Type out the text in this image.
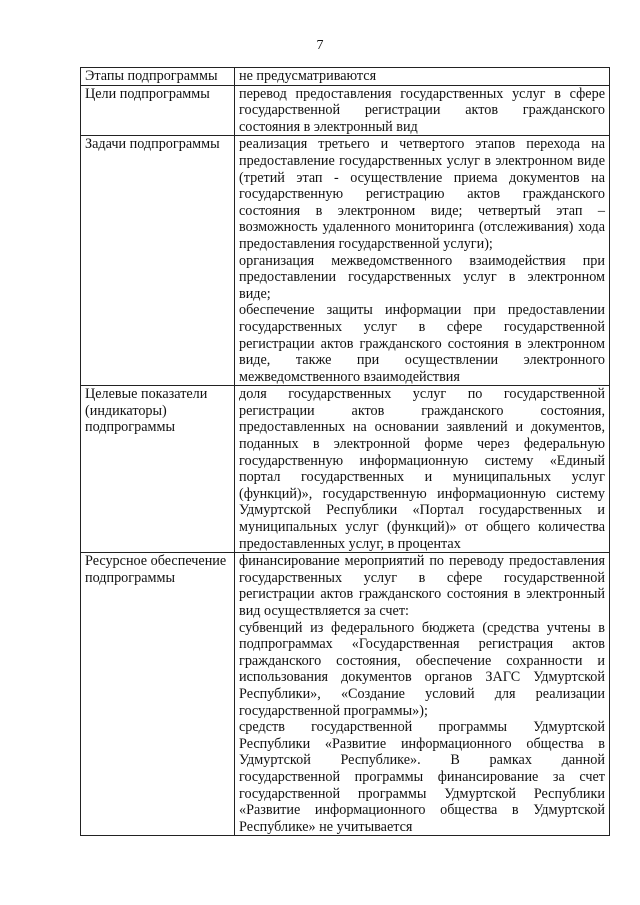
7
Этапы подпрограммы	не предусматриваются

Цели подпрограммы	перевод предоставления государственных услуг в сфере государственной регистрации актов гражданского состояния в электронный вид

Задачи подпрограммы	реализация третьего и четвертого этапов перехода на предоставление государственных услуг в электронном виде (третий этап - осуществление приема документов на государственную регистрацию актов гражданского состояния в электронном виде; четвертый этап – возможность удаленного мониторинга (отслеживания) хода предоставления государственной услуги);
организация межведомственного взаимодействия при предоставлении государственных услуг в электронном виде;
обеспечение защиты информации при предоставлении государственных услуг в сфере государственной регистрации актов гражданского состояния в электронном виде, также при осуществлении электронного межведомственного взаимодействия

Целевые показатели (индикаторы) подпрограммы	доля государственных услуг по государственной регистрации актов гражданского состояния, предоставленных на основании заявлений и документов, поданных в электронной форме через федеральную государственную информационную систему «Единый портал государственных и муниципальных услуг (функций)», государственную информационную систему Удмуртской Республики «Портал государственных и муниципальных услуг (функций)» от общего количества предоставленных услуг, в процентах

Ресурсное обеспечение подпрограммы	финансирование мероприятий по переводу предоставления государственных услуг в сфере государственной регистрации актов гражданского состояния в электронный вид осуществляется за счет:
субвенций из федерального бюджета (средства учтены в подпрограммах «Государственная регистрация актов гражданского состояния, обеспечение сохранности и использования документов органов ЗАГС Удмуртской Республики», «Создание условий для реализации государственной программы»);
средств государственной программы Удмуртской Республики «Развитие информационного общества в Удмуртской Республике». В рамках данной государственной программы финансирование за счет государственной программы Удмуртской Республики «Развитие информационного общества в Удмуртской Республике» не учитывается
